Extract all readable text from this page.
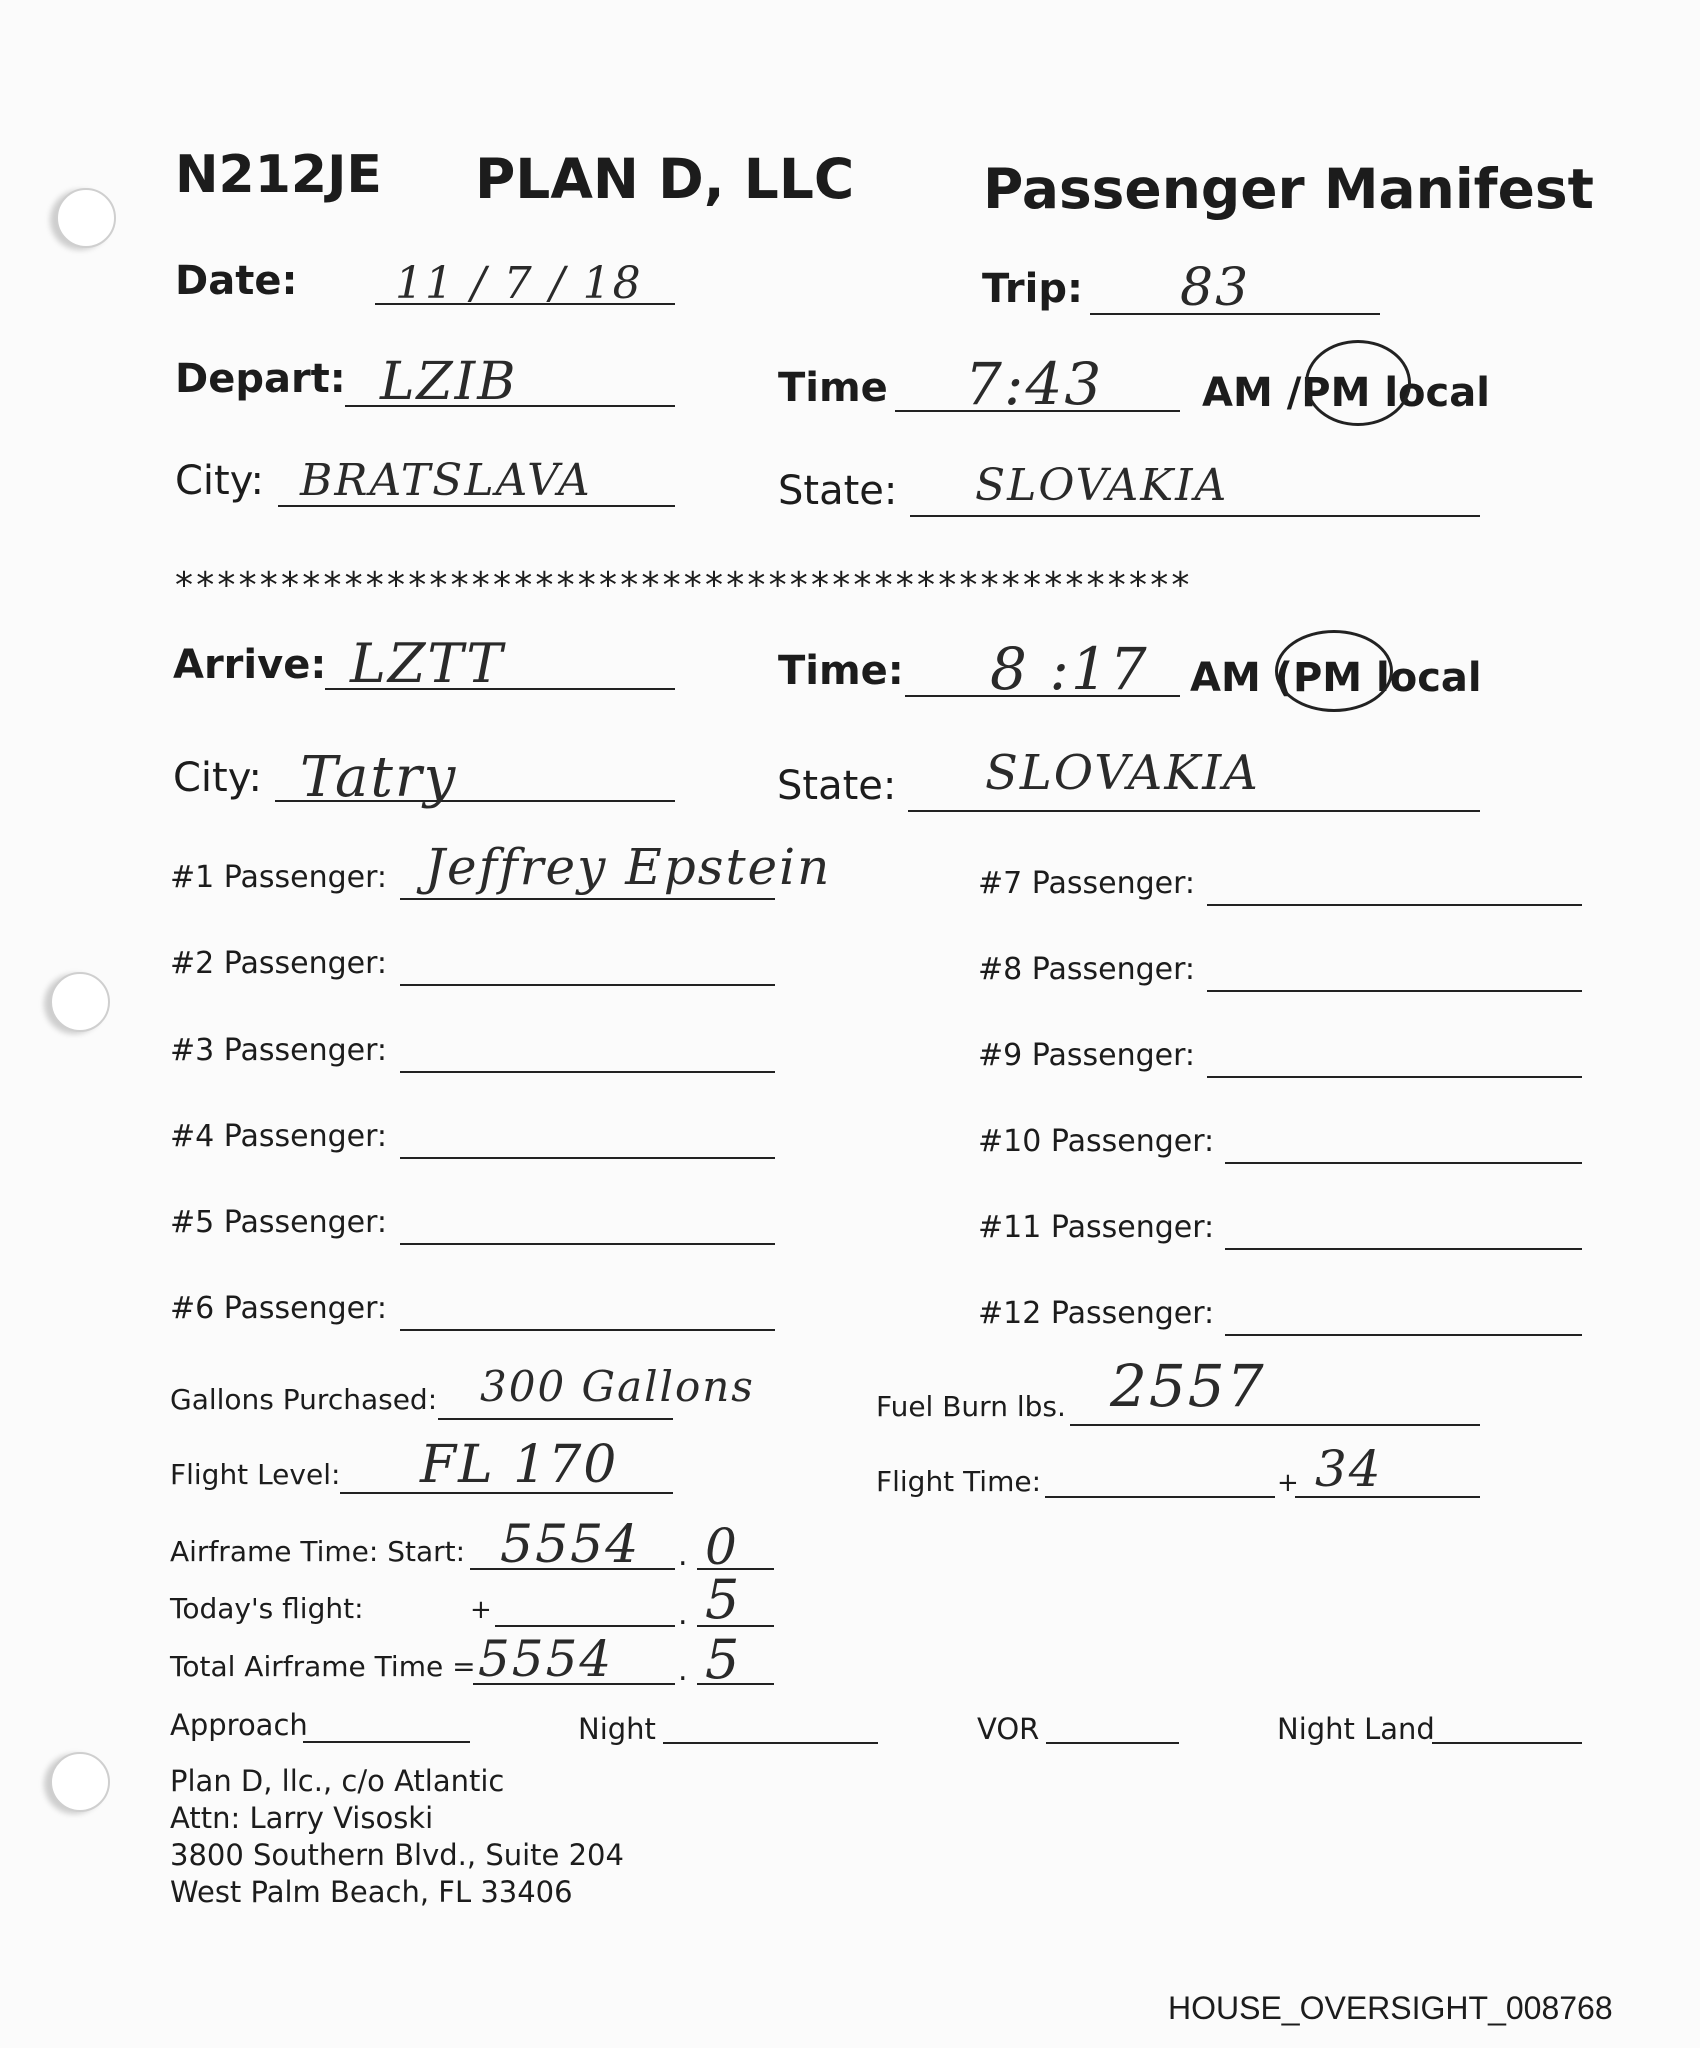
N212JE PLAN D, LLC Passenger Manifest
Date: 11 / 7 / 18	Trip: 83
Depart: LZIB	Time 7:43 AM /PM local
City: BRATSLAVA	State: SLOVAKIA
************************************************
Arrive: LZTT	Time: 8 :17 AM (PM local
City: Tatry	State: SLOVAKIA
#1 Passenger: Jeffrey Epstein
#2 Passenger:
#3 Passenger:
#4 Passenger:
#5 Passenger:
#6 Passenger:
#7 Passenger:
#8 Passenger:
#9 Passenger:
#10 Passenger:
#11 Passenger:
#12 Passenger:
Gallons Purchased: 300 Gallons	Fuel Burn lbs. 2557
Flight Level: FL 170	Flight Time:	+ 34
Airframe Time: Start: 5554 . 0
Today's flight:	+	. 5
Total Airframe Time = 5554 . 5
Approach	Night	VOR	Night Land
Plan D, llc., c/o Atlantic
Attn: Larry Visoski
3800 Southern Blvd., Suite 204
West Palm Beach, FL 33406
HOUSE_OVERSIGHT_008768
